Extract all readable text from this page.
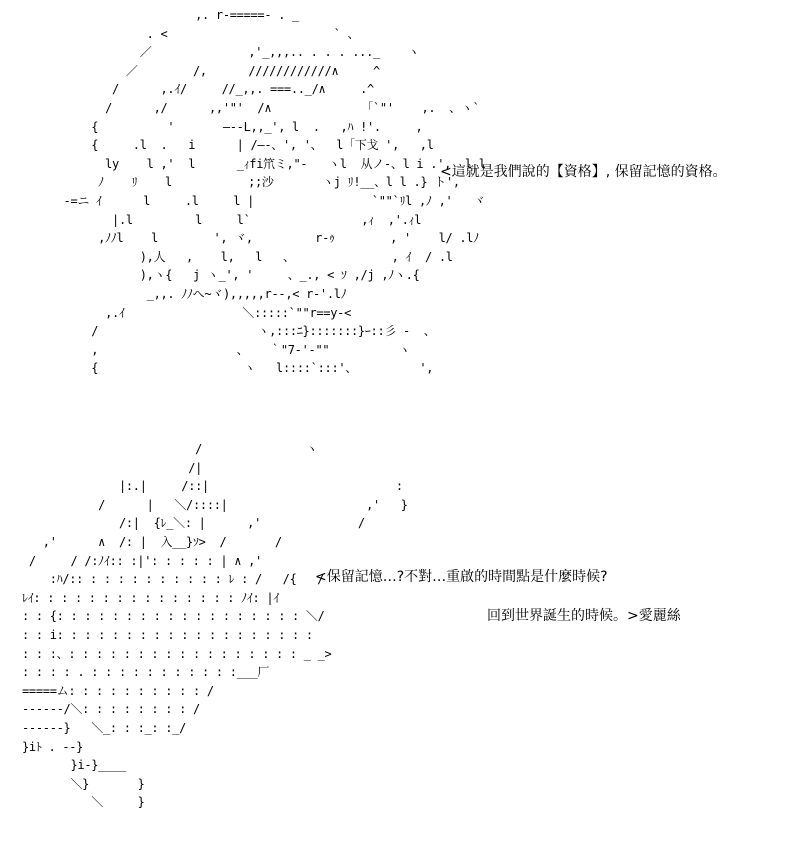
,. r-=====- . _
. <                        ` 、
／              ,'_,,,.. . . . ..._    ヽ
／        /,      ////////////∧     ^
/      ,.ｲ/     //_,,. ===.._/∧     .^
/      ,/      ,,'"'  /∧             「`"'    ,.  、ヽ`
{          '       ―-‐L,,_', l  .   ,ﾊ !'.     ,
{     .l  .   i      | /―-、', '、  l「下戈 ',   ,l
ly    l ,'  l      _ｨfi笊ミ,"-   ヽl  从ノ-、l i .',  l l
ﾉ    ﾘ    l           ;;沙       ヽj ﾘ!__、l l .} ト',
-=ニ ｲ      l     .l     l |                 `""`ﾘl ,ﾉ ,'   ヾ
|.l         l     l`                ,ｨ  ,'.ｨl
,ﾉﾉl    l        ', ヾ,         r-ｩ        , '    l/ .lﾉ
),人   ,    l,   l   、              , ｲ  / .l
),ヽ{   j ヽ_', '     、_., < ｿ ,/j ,ﾉヽ.{
_,,. ﾉﾉへ~ヾ),,,,,r-‐,< r-'.lﾉ
,.ｲ                 ＼:::::`""r==y-<
/                       ヽ,:::ﾆ}:::::::}ｰ::彡 -  、
,                    、   ｀"7-'-""          ヽ
{                     ヽ   l::::`:::'、         ',
/               ヽ
/|
|:.|     /::|                           :
/      |   ＼/::::|                    ,'   }
/:|  {ﾚ_＼: |      ,'              /
,'      ∧  /: |  入__}ｿ>  /       /
/     / /:ﾉｲ:: :|': : : : : | ∧ ,'
:ﾊ/:: : : : : : : : : : : ﾚ : /   /{   /
ﾚｲ: : : : : : : : : : : : : : : ﾉｲ: |ｲ
: : {: : : : : : : : : : : : : : : : : : ＼/
: : i: : : : : : : : : : : : : : : : : : :
: : :、: : : : : : : : : : : : : : : : : _ _>
: : : : . : : : : : : : : : : :___厂
=====ム: : : : : : : : : : /
------/＼: : : : : : : : /
------}   ＼_: : :_: :_/
}iﾄ . --}
}i-}____
＼}       }
＼     }
<這就是我們說的【資格】, 保留記憶的資格。
<保留記憶…?不對…重啟的時間點是什麼時候?
回到世界誕生的時候。>愛麗絲
